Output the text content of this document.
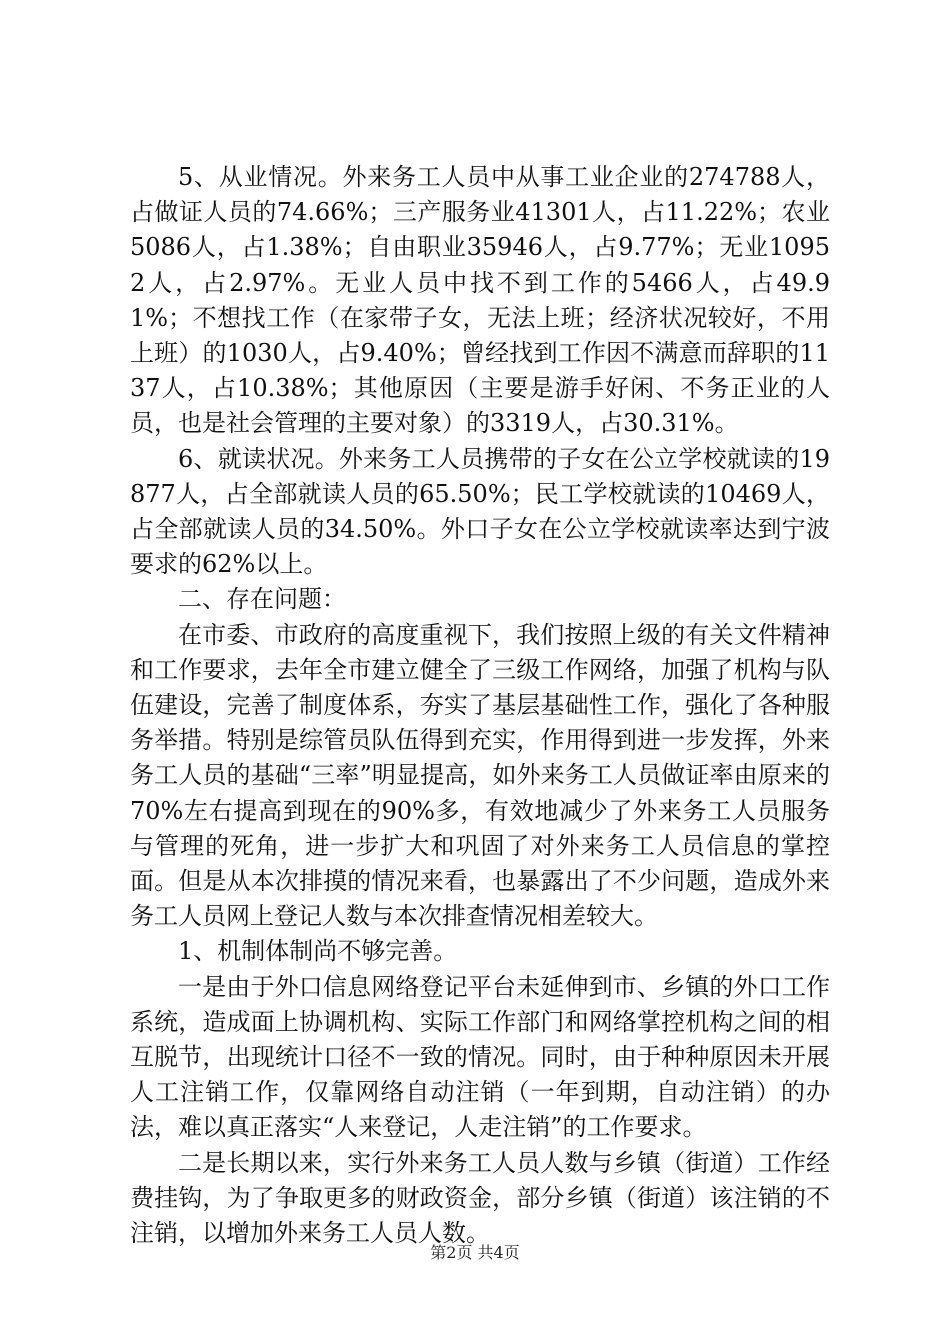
5、从业情况。外来务工人员中从事工业企业的274788人，占做证人员的74.66%；三产服务业41301人，占11.22%；农业5086人，占1.38%；自由职业35946人，占9.77%；无业10952人，占2.97%。无业人员中找不到工作的5466人，占49.91%；不想找工作（在家带子女，无法上班；经济状况较好，不用上班）的1030人，占9.40%；曾经找到工作因不满意而辞职的1137人，占10.38%；其他原因（主要是游手好闲、不务正业的人员，也是社会管理的主要对象）的3319人，占30.31%。

6、就读状况。外来务工人员携带的子女在公立学校就读的19877人，占全部就读人员的65.50%；民工学校就读的10469人，占全部就读人员的34.50%。外口子女在公立学校就读率达到宁波要求的62%以上。

二、存在问题：

在市委、市政府的高度重视下，我们按照上级的有关文件精神和工作要求，去年全市建立健全了三级工作网络，加强了机构与队伍建设，完善了制度体系，夯实了基层基础性工作，强化了各种服务举措。特别是综管员队伍得到充实，作用得到进一步发挥，外来务工人员的基础“三率”明显提高，如外来务工人员做证率由原来的70%左右提高到现在的90%多，有效地减少了外来务工人员服务与管理的死角，进一步扩大和巩固了对外来务工人员信息的掌控面。但是从本次排摸的情况来看，也暴露出了不少问题，造成外来务工人员网上登记人数与本次排查情况相差较大。

1、机制体制尚不够完善。

一是由于外口信息网络登记平台未延伸到市、乡镇的外口工作系统，造成面上协调机构、实际工作部门和网络掌控机构之间的相互脱节，出现统计口径不一致的情况。同时，由于种种原因未开展人工注销工作，仅靠网络自动注销（一年到期，自动注销）的办法，难以真正落实“人来登记，人走注销”的工作要求。

二是长期以来，实行外来务工人员人数与乡镇（街道）工作经费挂钩，为了争取更多的财政资金，部分乡镇（街道）该注销的不注销，以增加外来务工人员人数。

第2页 共4页
